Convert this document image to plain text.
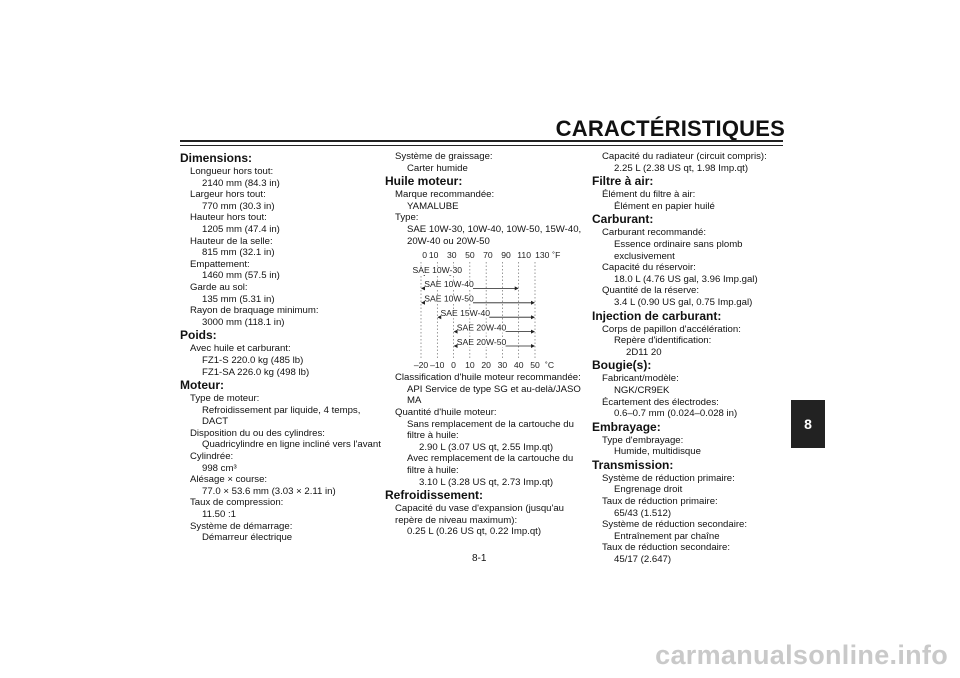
CARACTÉRISTIQUES
8
Dimensions:
Longueur hors tout:
2140 mm (84.3 in)
Largeur hors tout:
770 mm (30.3 in)
Hauteur hors tout:
1205 mm (47.4 in)
Hauteur de la selle:
815 mm (32.1 in)
Empattement:
1460 mm (57.5 in)
Garde au sol:
135 mm (5.31 in)
Rayon de braquage minimum:
3000 mm (118.1 in)
Poids:
Avec huile et carburant:
FZ1-S 220.0 kg (485 lb)
FZ1-SA 226.0 kg (498 lb)
Moteur:
Type de moteur:
Refroidissement par liquide, 4 temps,
DACT
Disposition du ou des cylindres:
Quadricylindre en ligne incliné vers l'avant
Cylindrée:
998 cm³
Alésage × course:
77.0 × 53.6 mm (3.03 × 2.11 in)
Taux de compression:
11.50 :1
Système de démarrage:
Démarreur électrique
Système de graissage:
Carter humide
Huile moteur:
Marque recommandée:
YAMALUBE
Type:
SAE 10W-30, 10W-40, 10W-50, 15W-40,
20W-40 ou 20W-50
0 10 30 50 70 90 110 130 ˚F
–20 –10 0 10 20 30 40 50 ˚C
SAE 10W-30
SAE 10W-40
SAE 10W-50
SAE 15W-40
SAE 20W-40
SAE 20W-50
Classification d'huile moteur recommandée:
API Service de type SG et au-delà/JASO
MA
Quantité d'huile moteur:
Sans remplacement de la cartouche du
filtre à huile:
2.90 L (3.07 US qt, 2.55 Imp.qt)
Avec remplacement de la cartouche du
filtre à huile:
3.10 L (3.28 US qt, 2.73 Imp.qt)
Refroidissement:
Capacité du vase d'expansion (jusqu'au
repère de niveau maximum):
0.25 L (0.26 US qt, 0.22 Imp.qt)
Capacité du radiateur (circuit compris):
2.25 L (2.38 US qt, 1.98 Imp.qt)
Filtre à air:
Élément du filtre à air:
Élément en papier huilé
Carburant:
Carburant recommandé:
Essence ordinaire sans plomb
exclusivement
Capacité du réservoir:
18.0 L (4.76 US gal, 3.96 Imp.gal)
Quantité de la réserve:
3.4 L (0.90 US gal, 0.75 Imp.gal)
Injection de carburant:
Corps de papillon d'accélération:
Repère d'identification:
2D11 20
Bougie(s):
Fabricant/modèle:
NGK/CR9EK
Écartement des électrodes:
0.6–0.7 mm (0.024–0.028 in)
Embrayage:
Type d'embrayage:
Humide, multidisque
Transmission:
Système de réduction primaire:
Engrenage droit
Taux de réduction primaire:
65/43 (1.512)
Système de réduction secondaire:
Entraînement par chaîne
Taux de réduction secondaire:
45/17 (2.647)
8-1
carmanualsonline.info
